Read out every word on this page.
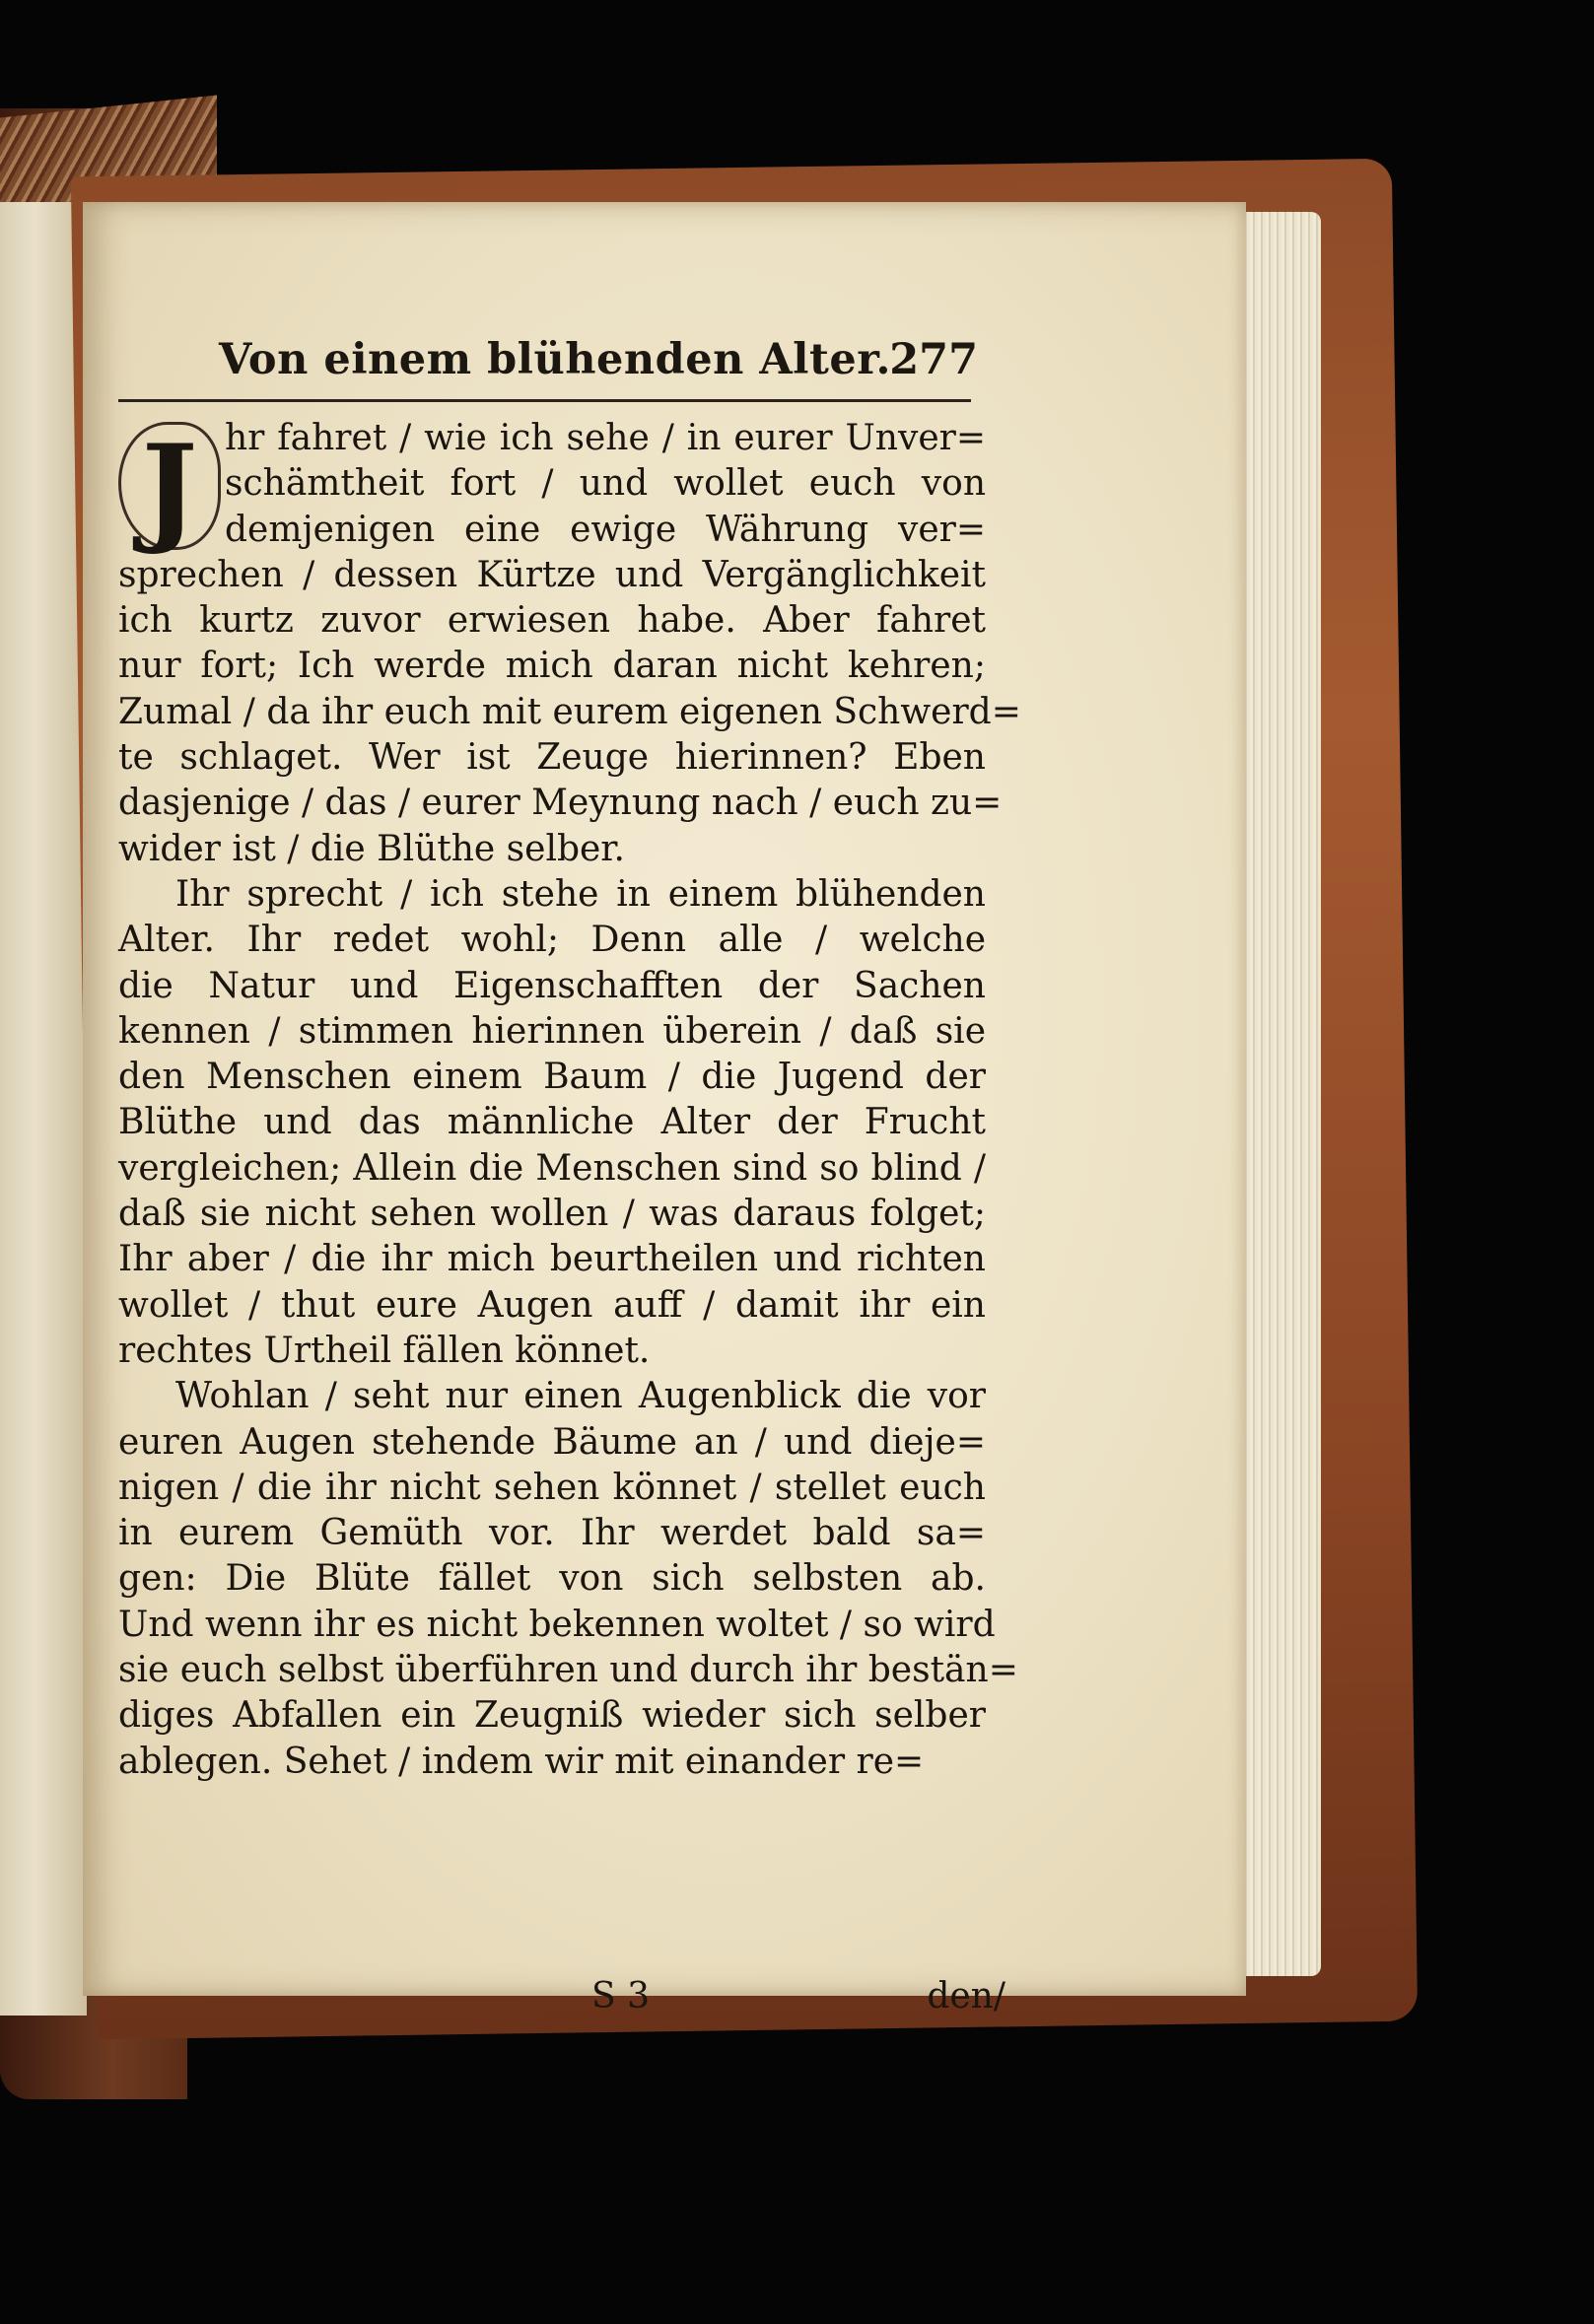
Von einem blühenden Alter.
277
J hr fahret / wie ich sehe / in eurer Unver=
schämtheit fort / und wollet euch von
demjenigen eine ewige Währung ver=
sprechen / dessen Kürtze und Vergänglichkeit
ich kurtz zuvor erwiesen habe. Aber fahret
nur fort; Ich werde mich daran nicht kehren;
Zumal / da ihr euch mit eurem eigenen Schwerd=
te schlaget. Wer ist Zeuge hierinnen? Eben
dasjenige / das / eurer Meynung nach / euch zu=
wider ist / die Blüthe selber.
Ihr sprecht / ich stehe in einem blühenden
Alter. Ihr redet wohl; Denn alle / welche
die Natur und Eigenschafften der Sachen
kennen / stimmen hierinnen überein / daß sie
den Menschen einem Baum / die Jugend der
Blüthe und das männliche Alter der Frucht
vergleichen; Allein die Menschen sind so blind /
daß sie nicht sehen wollen / was daraus folget;
Ihr aber / die ihr mich beurtheilen und richten
wollet / thut eure Augen auff / damit ihr ein
rechtes Urtheil fällen könnet.
Wohlan / seht nur einen Augenblick die vor
euren Augen stehende Bäume an / und dieje=
nigen / die ihr nicht sehen könnet / stellet euch
in eurem Gemüth vor. Ihr werdet bald sa=
gen: Die Blüte fället von sich selbsten ab.
Und wenn ihr es nicht bekennen woltet / so wird
sie euch selbst überführen und durch ihr bestän=
diges Abfallen ein Zeugniß wieder sich selber
ablegen. Sehet / indem wir mit einander re=
S 3	den/
